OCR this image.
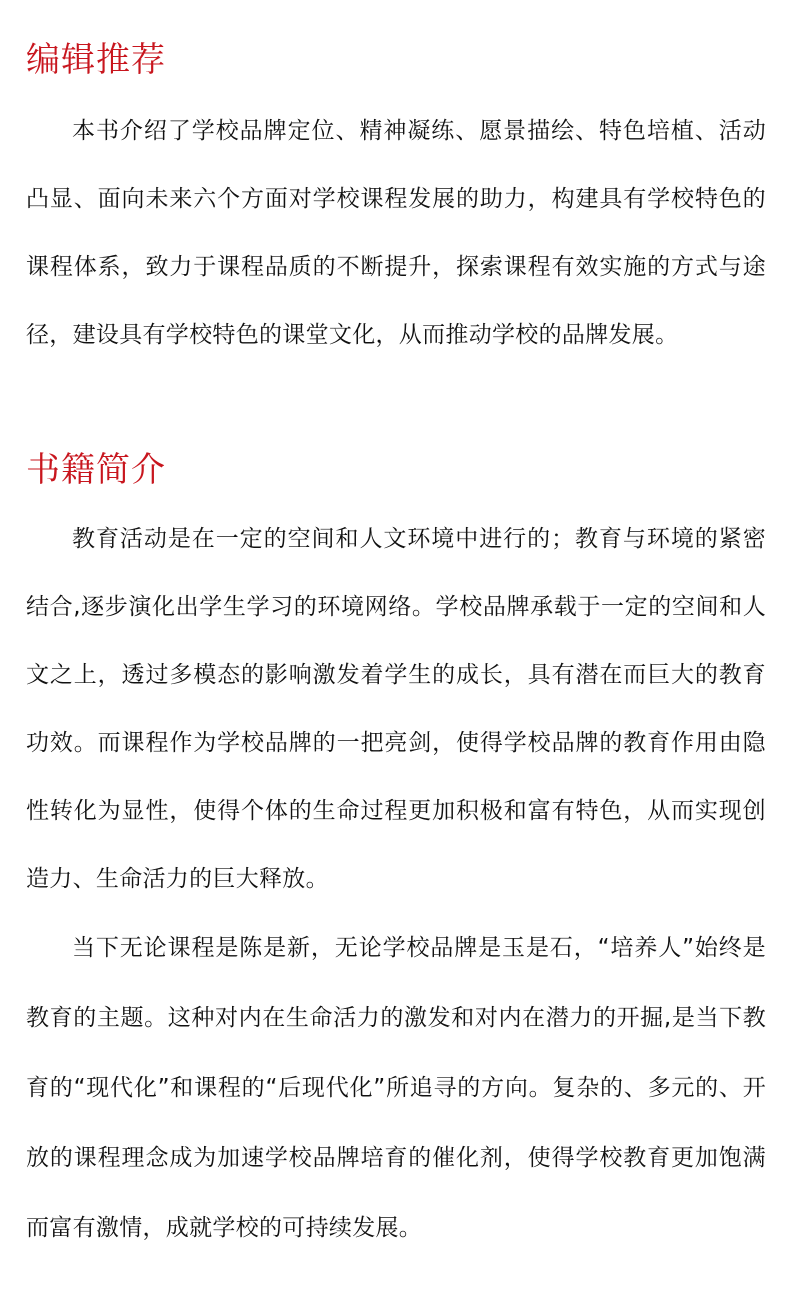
编辑推荐

本书介绍了学校品牌定位、精神凝练、愿景描绘、特色培植、活动凸显、面向未来六个方面对学校课程发展的助力，构建具有学校特色的课程体系，致力于课程品质的不断提升，探索课程有效实施的方式与途径，建设具有学校特色的课堂文化，从而推动学校的品牌发展。

书籍简介

教育活动是在一定的空间和人文环境中进行的；教育与环境的紧密结合,逐步演化出学生学习的环境网络。学校品牌承载于一定的空间和人文之上，透过多模态的影响激发着学生的成长，具有潜在而巨大的教育功效。而课程作为学校品牌的一把亮剑，使得学校品牌的教育作用由隐性转化为显性，使得个体的生命过程更加积极和富有特色，从而实现创造力、生命活力的巨大释放。

当下无论课程是陈是新，无论学校品牌是玉是石，“培养人”始终是教育的主题。这种对内在生命活力的激发和对内在潜力的开掘,是当下教育的“现代化”和课程的“后现代化”所追寻的方向。复杂的、多元的、开放的课程理念成为加速学校品牌培育的催化剂，使得学校教育更加饱满而富有激情，成就学校的可持续发展。
